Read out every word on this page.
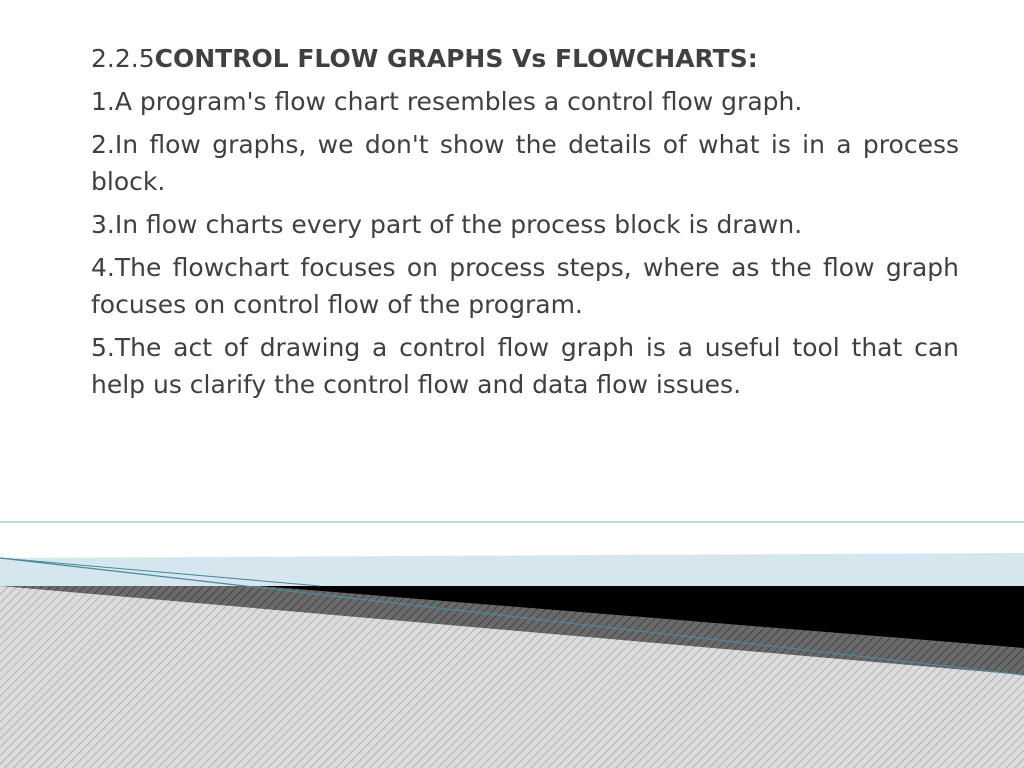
2.2.5CONTROL FLOW GRAPHS Vs FLOWCHARTS:

1.A program's flow chart resembles a control flow graph.

2.In flow graphs, we don't show the details of what is in a process block.

3.In flow charts every part of the process block is drawn.

4.The flowchart focuses on process steps, where as the flow graph focuses on control flow of the program.

5.The act of drawing a control flow graph is a useful tool that can help us clarify the control flow and data flow issues.
